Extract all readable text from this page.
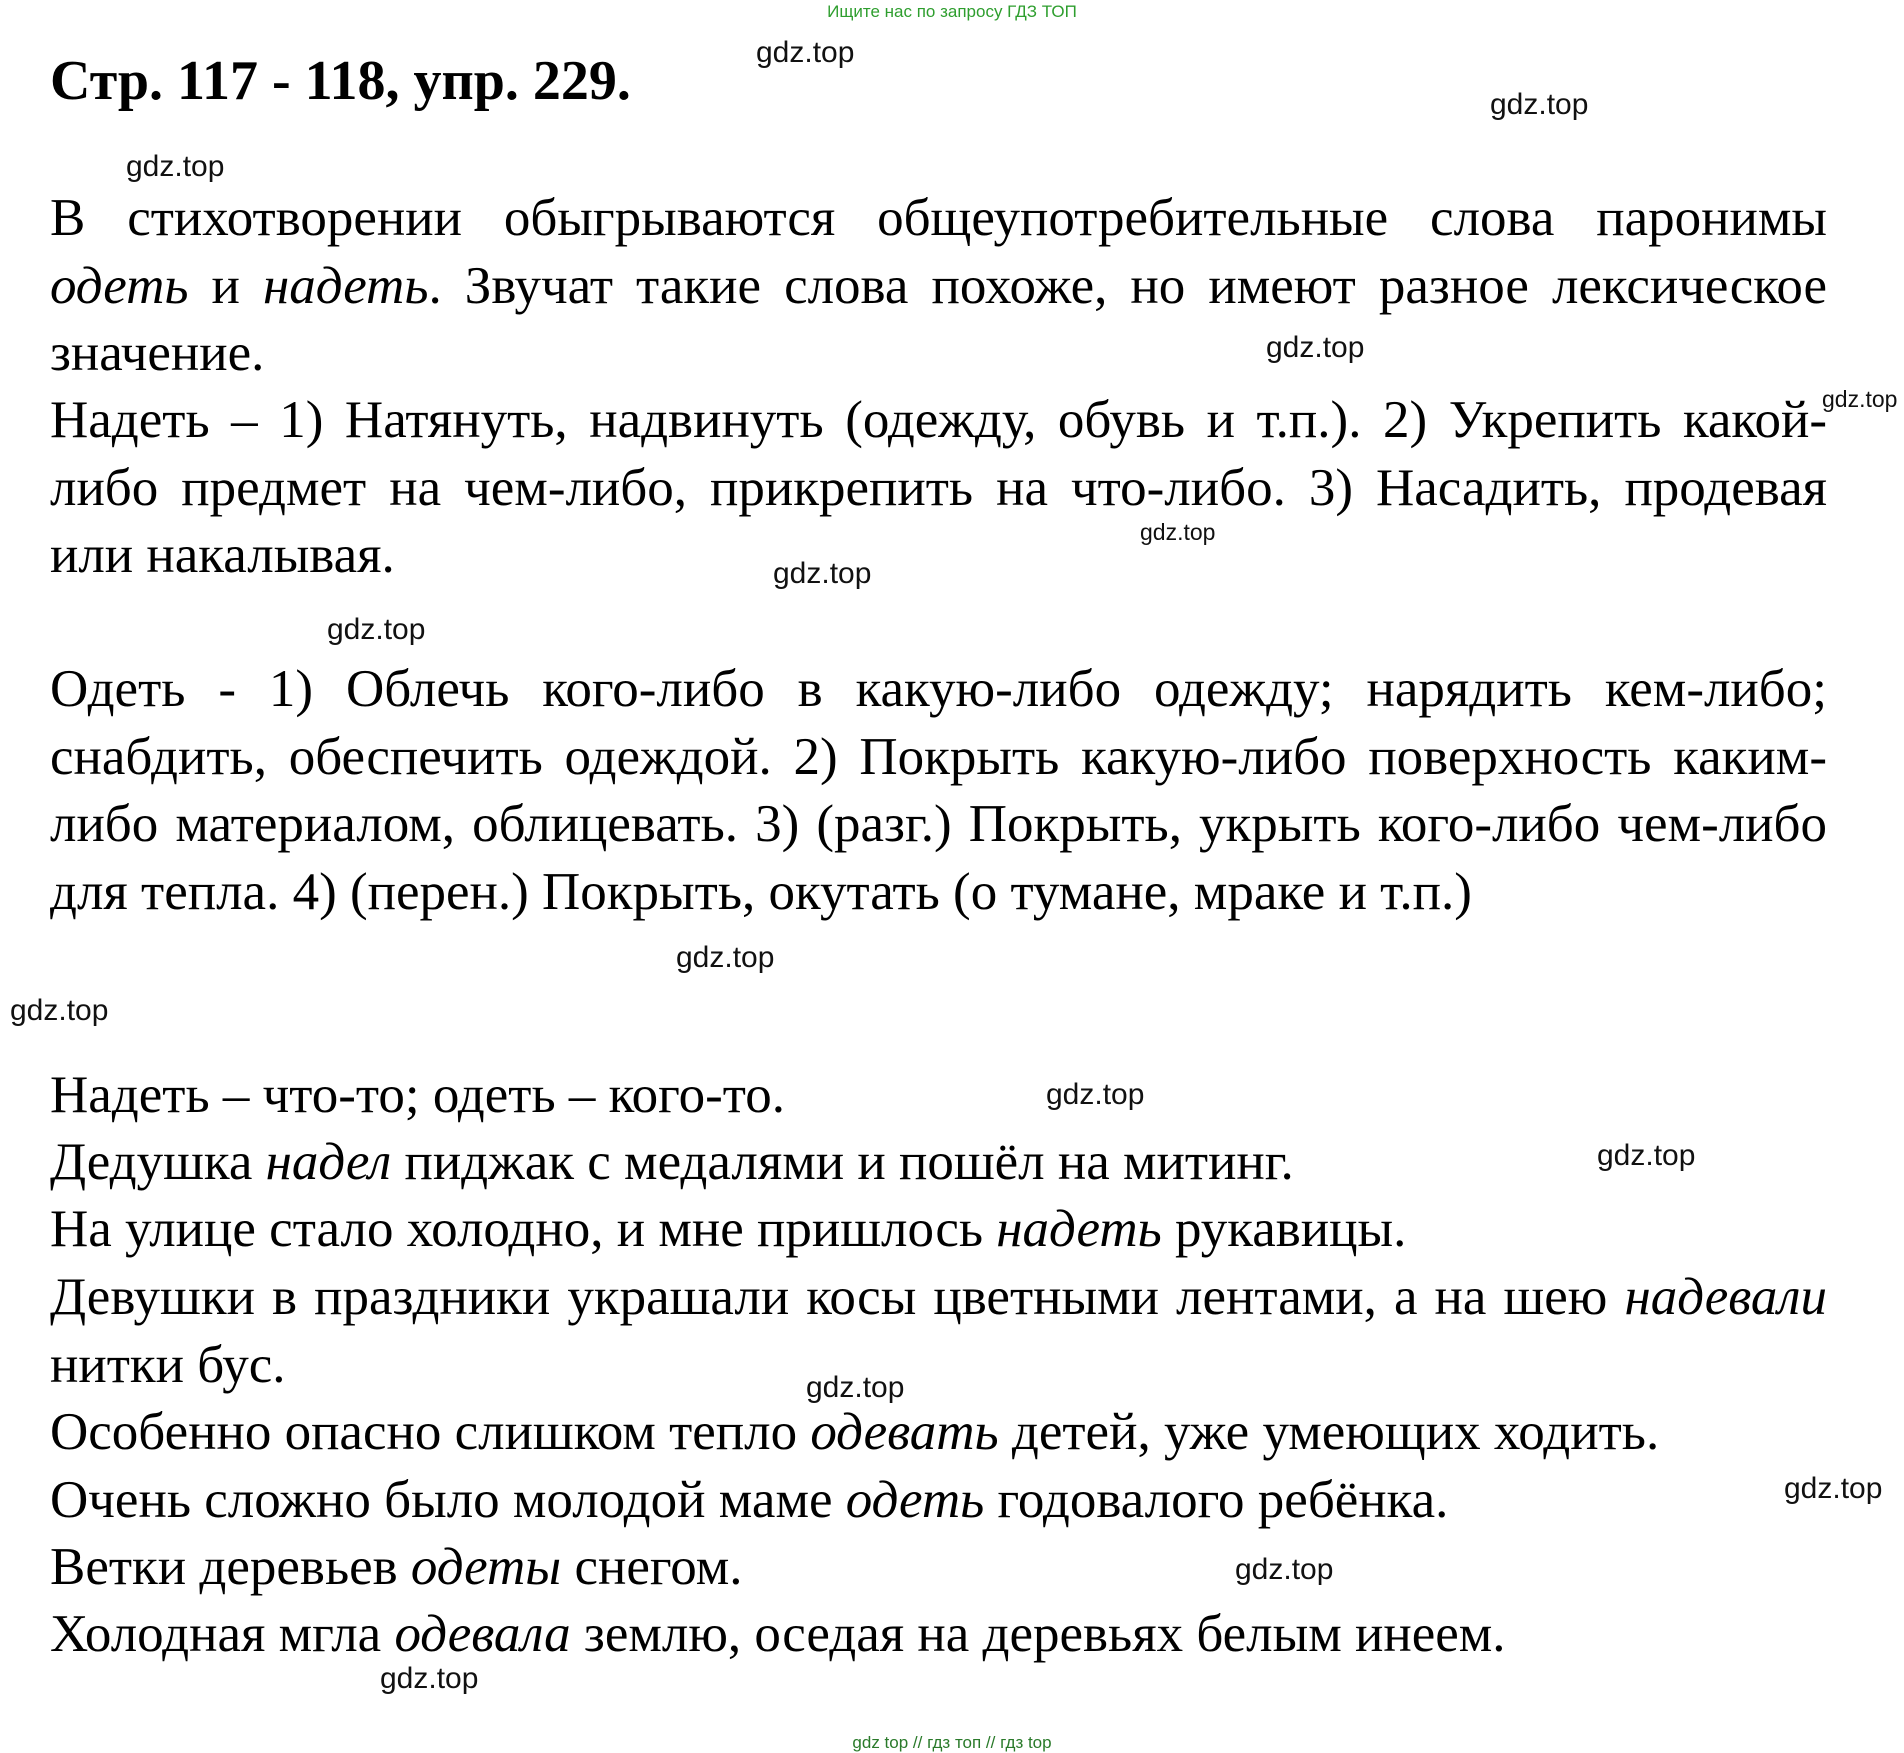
Ищите нас по запросу ГДЗ ТОП
Стр. 117 - 118, упр. 229.	gdz.top
gdz.top
gdz.top
gdz.top
gdz.top
gdz.top
gdz.top
gdz.top
gdz.top
gdz.top
gdz.top
gdz.top
gdz.top
gdz.top
gdz.top
gdz.top
В стихотворении обыгрываются общеупотребительные слова паронимы одеть и надеть. Звучат такие слова похоже, но имеют разное лексическое значение.
Надеть – 1) Натянуть, надвинуть (одежду, обувь и т.п.). 2) Укрепить какой-либо предмет на чем-либо, прикрепить на что-либо. 3) Насадить, продевая или накалывая.
Одеть - 1) Облечь кого-либо в какую-либо одежду; нарядить кем-либо; снабдить, обеспечить одеждой. 2) Покрыть какую-либо поверхность каким-либо материалом, облицевать. 3) (разг.) Покрыть, укрыть кого-либо чем-либо для тепла. 4) (перен.) Покрыть, окутать (о тумане, мраке и т.п.)
Надеть – что-то; одеть – кого-то.
Дедушка надел пиджак с медалями и пошёл на митинг.
На улице стало холодно, и мне пришлось надеть рукавицы.
Девушки в праздники украшали косы цветными лентами, а на шею надевали нитки бус.
Особенно опасно слишком тепло одевать детей, уже умеющих ходить.
Очень сложно было молодой маме одеть годовалого ребёнка.
Ветки деревьев одеты снегом.
Холодная мгла одевала землю, оседая на деревьях белым инеем.
gdz top // гдз топ // гдз top
